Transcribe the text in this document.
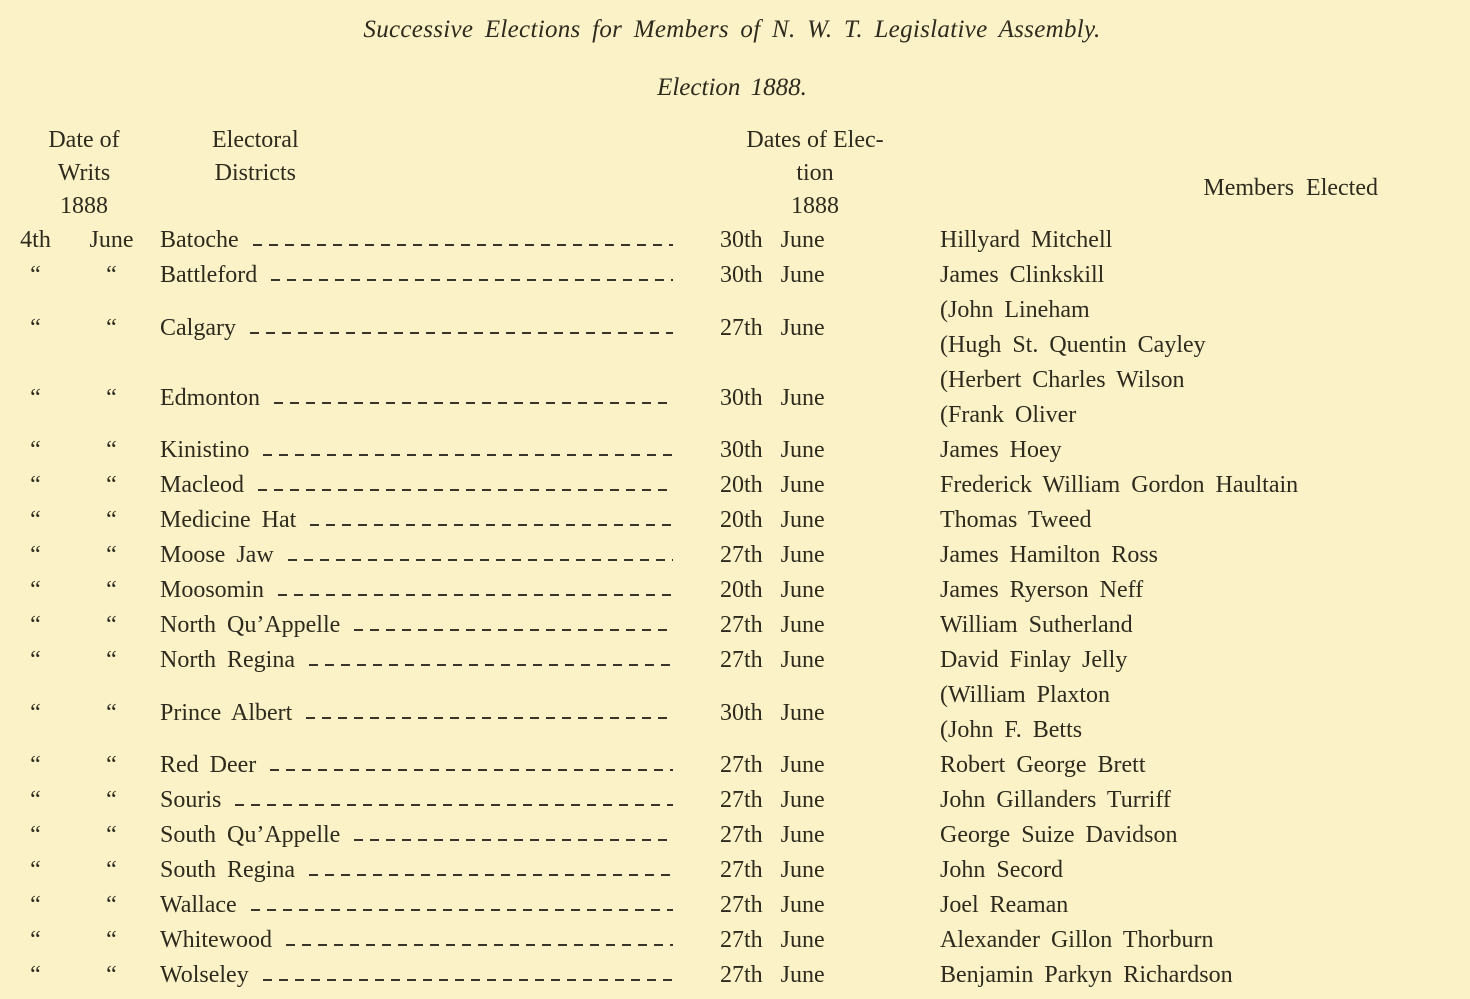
Successive Elections for Members of N. W. T. Legislative Assembly.
Election 1888.
Date of
Writs
1888
Electoral
Districts
Dates of Elec-
tion
1888
Members Elected
4th June	Batoche	30th June	Hillyard Mitchell
“	“	Battleford	30th June	James Clinkskill
“	“	Calgary	27th June
(John Lineham
(Hugh St. Quentin Cayley
“	“	Edmonton	30th June
(Herbert Charles Wilson
(Frank Oliver
“	“	Kinistino	30th June	James Hoey
“	“	Macleod	20th June	Frederick William Gordon Haultain
“	“	Medicine Hat	20th June	Thomas Tweed
“	“	Moose Jaw	27th June	James Hamilton Ross
“	“	Moosomin	20th June	James Ryerson Neff
“	“	North Qu’Appelle	27th June	William Sutherland
“	“	North Regina	27th June	David Finlay Jelly
“	“	Prince Albert	30th June
(William Plaxton
(John F. Betts
“	“	Red Deer	27th June	Robert George Brett
“	“	Souris	27th June	John Gillanders Turriff
“	“	South Qu’Appelle	27th June	George Suize Davidson
“	“	South Regina	27th June	John Secord
“	“	Wallace	27th June	Joel Reaman
“	“	Whitewood	27th June	Alexander Gillon Thorburn
“	“	Wolseley	27th June	Benjamin Parkyn Richardson
